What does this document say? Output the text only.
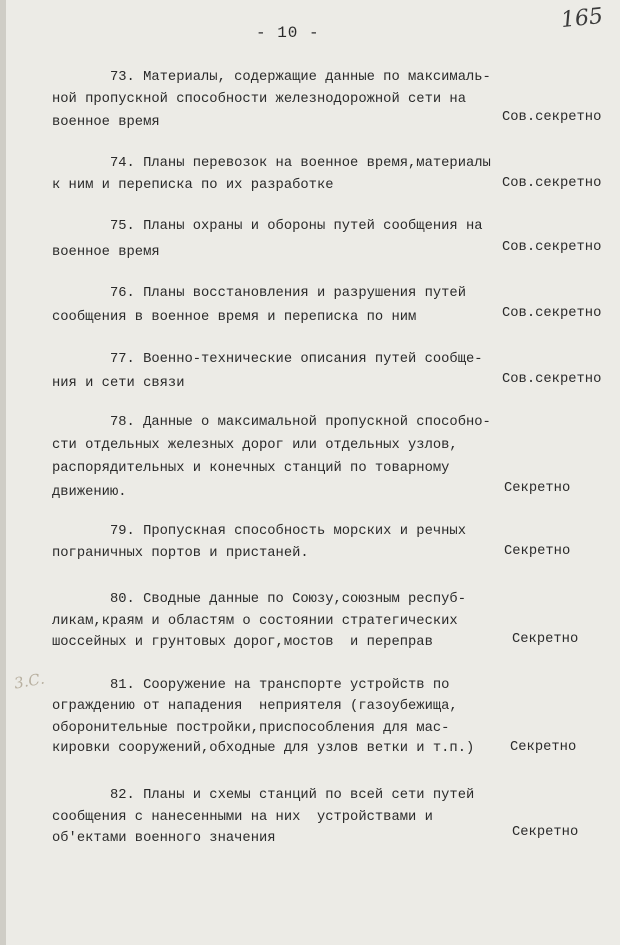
- 10 -	165
3.С.
73. Материалы, содержащие данные по максималь-
ной пропускной способности железнодорожной сети на
военное время	Сов.секретно
74. Планы перевозок на военное время,материалы
к ним и переписка по их разработке	Сов.секретно
75. Планы охраны и обороны путей сообщения на
военное время	Сов.секретно
76. Планы восстановления и разрушения путей
сообщения в военное время и переписка по ним	Сов.секретно
77. Военно-технические описания путей сообще-
ния и сети связи	Сов.секретно
78. Данные о максимальной пропускной способно-
сти отдельных железных дорог или отдельных узлов,
распорядительных и конечных станций по товарному
движению.	Секретно
79. Пропускная способность морских и речных
пограничных портов и пристаней.	Секретно
80. Сводные данные по Союзу,союзным респуб-
ликам,краям и областям о состоянии стратегических
шоссейных и грунтовых дорог,мостов  и переправ	Секретно
81. Сооружение на транспорте устройств по
ограждению от нападения  неприятеля (газоубежища,
оборонительные постройки,приспособления для мас-
кировки сооружений,обходные для узлов ветки и т.п.)	Секретно
82. Планы и схемы станций по всей сети путей
сообщения с нанесенными на них  устройствами и
об'ектами военного значения	Секретно
